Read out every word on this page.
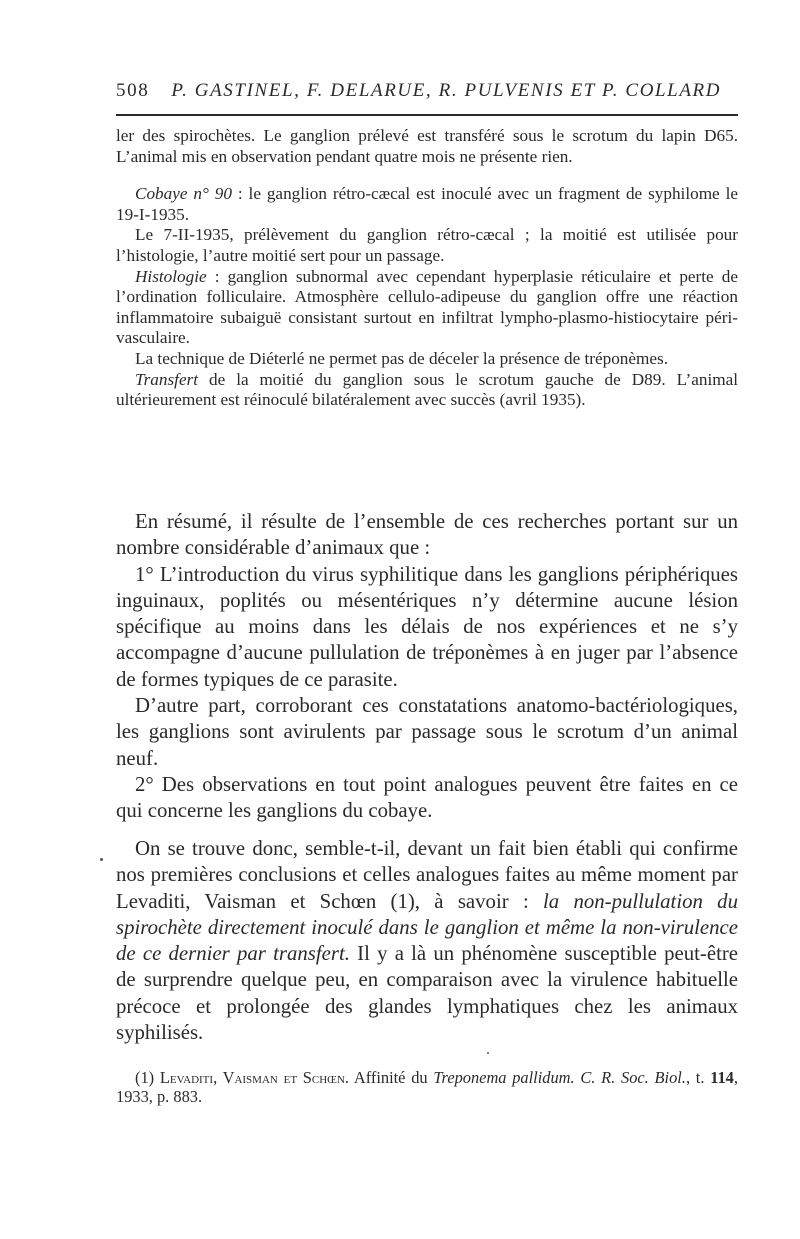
508 P. GASTINEL, F. DELARUE, R. PULVENIS ET P. COLLARD

ler des spirochètes. Le ganglion prélevé est transféré sous le scrotum du lapin D65. L’animal mis en observation pendant quatre mois ne présente rien.

Cobaye n° 90 : le ganglion rétro-cæcal est inoculé avec un fragment de syphilome le 19-I-1935.

Le 7-II-1935, prélèvement du ganglion rétro-cæcal ; la moitié est utilisée pour l’histologie, l’autre moitié sert pour un passage.

Histologie : ganglion subnormal avec cependant hyperplasie réticulaire et perte de l’ordination folliculaire. Atmosphère cellulo-adipeuse du ganglion offre une réaction inflammatoire subaiguë consistant surtout en infiltrat lympho-plasmo-histiocytaire péri-vasculaire.

La technique de Diéterlé ne permet pas de déceler la présence de tréponèmes.

Transfert de la moitié du ganglion sous le scrotum gauche de D89. L’animal ultérieurement est réinoculé bilatéralement avec succès (avril 1935).

En résumé, il résulte de l’ensemble de ces recherches portant sur un nombre considérable d’animaux que :

1° L’introduction du virus syphilitique dans les ganglions périphériques inguinaux, poplités ou mésentériques n’y détermine aucune lésion spécifique au moins dans les délais de nos expériences et ne s’y accompagne d’aucune pullulation de tréponèmes à en juger par l’absence de formes typiques de ce parasite.

D’autre part, corroborant ces constatations anatomo-bactériologiques, les ganglions sont avirulents par passage sous le scrotum d’un animal neuf.

2° Des observations en tout point analogues peuvent être faites en ce qui concerne les ganglions du cobaye.

On se trouve donc, semble-t-il, devant un fait bien établi qui confirme nos premières conclusions et celles analogues faites au même moment par Levaditi, Vaisman et Schœn (1), à savoir : la non-pullulation du spirochète directement inoculé dans le ganglion et même la non-virulence de ce dernier par transfert. Il y a là un phénomène susceptible peut-être de surprendre quelque peu, en comparaison avec la virulence habituelle précoce et prolongée des glandes lymphatiques chez les animaux syphilisés.

(1) Levaditi, Vaisman et Schœn. Affinité du Treponema pallidum. C. R. Soc. Biol., t. 114, 1933, p. 883.
